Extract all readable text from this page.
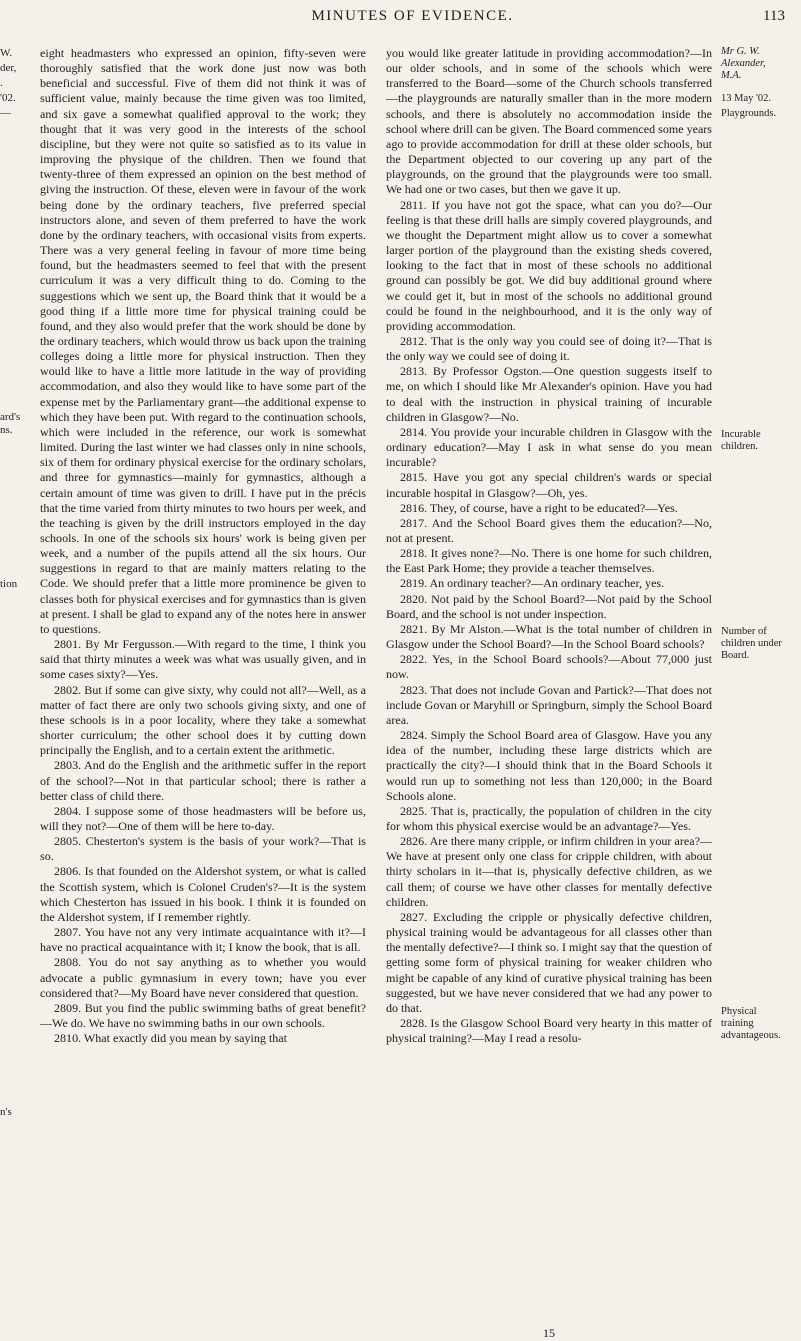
MINUTES OF EVIDENCE.	113
W.
der,
.
'02.
—
ard's
ns.
tion
n's

eight headmasters who expressed an opinion, fifty-seven were thoroughly satisfied that the work done just now was both beneficial and successful. Five of them did not think it was of sufficient value, mainly because the time given was too limited, and six gave a somewhat qualified approval to the work; they thought that it was very good in the interests of the school discipline, but they were not quite so satisfied as to its value in improving the physique of the children. Then we found that twenty-three of them expressed an opinion on the best method of giving the instruction. Of these, eleven were in favour of the work being done by the ordinary teachers, five preferred special instructors alone, and seven of them preferred to have the work done by the ordinary teachers, with occasional visits from experts. There was a very general feeling in favour of more time being found, but the headmasters seemed to feel that with the present curriculum it was a very difficult thing to do. Coming to the suggestions which we sent up, the Board think that it would be a good thing if a little more time for physical training could be found, and they also would prefer that the work should be done by the ordinary teachers, which would throw us back upon the training colleges doing a little more for physical instruction. Then they would like to have a little more latitude in the way of providing accommodation, and also they would like to have some part of the expense met by the Parliamentary grant—the additional expense to which they have been put. With regard to the continuation schools, which were included in the reference, our work is somewhat limited. During the last winter we had classes only in nine schools, six of them for ordinary physical exercise for the ordinary scholars, and three for gymnastics—mainly for gymnastics, although a certain amount of time was given to drill. I have put in the précis that the time varied from thirty minutes to two hours per week, and the teaching is given by the drill instructors employed in the day schools. In one of the schools six hours' work is being given per week, and a number of the pupils attend all the six hours. Our suggestions in regard to that are mainly matters relating to the Code. We should prefer that a little more prominence be given to classes both for physical exercises and for gymnastics than is given at present. I shall be glad to expand any of the notes here in answer to questions.

2801. By Mr Fergusson.—With regard to the time, I think you said that thirty minutes a week was what was usually given, and in some cases sixty?—Yes.

2802. But if some can give sixty, why could not all?—Well, as a matter of fact there are only two schools giving sixty, and one of these schools is in a poor locality, where they take a somewhat shorter curriculum; the other school does it by cutting down principally the English, and to a certain extent the arithmetic.

2803. And do the English and the arithmetic suffer in the report of the school?—Not in that particular school; there is rather a better class of child there.

2804. I suppose some of those headmasters will be before us, will they not?—One of them will be here to-day.

2805. Chesterton's system is the basis of your work?—That is so.

2806. Is that founded on the Aldershot system, or what is called the Scottish system, which is Colonel Cruden's?—It is the system which Chesterton has issued in his book. I think it is founded on the Aldershot system, if I remember rightly.

2807. You have not any very intimate acquaintance with it?—I have no practical acquaintance with it; I know the book, that is all.

2808. You do not say anything as to whether you would advocate a public gymnasium in every town; have you ever considered that?—My Board have never considered that question.

2809. But you find the public swimming baths of great benefit?—We do. We have no swimming baths in our own schools.

2810. What exactly did you mean by saying that

you would like greater latitude in providing accommodation?—In our older schools, and in some of the schools which were transferred to the Board—some of the Church schools transferred—the playgrounds are naturally smaller than in the more modern schools, and there is absolutely no accommodation inside the school where drill can be given. The Board commenced some years ago to provide accommodation for drill at these older schools, but the Department objected to our covering up any part of the playgrounds, on the ground that the playgrounds were too small. We had one or two cases, but then we gave it up.

2811. If you have not got the space, what can you do?—Our feeling is that these drill halls are simply covered playgrounds, and we thought the Department might allow us to cover a somewhat larger portion of the playground than the existing sheds covered, looking to the fact that in most of these schools no additional ground can possibly be got. We did buy additional ground where we could get it, but in most of the schools no additional ground could be found in the neighbourhood, and it is the only way of providing accommodation.

2812. That is the only way you could see of doing it?—That is the only way we could see of doing it.

2813. By Professor Ogston.—One question suggests itself to me, on which I should like Mr Alexander's opinion. Have you had to deal with the instruction in physical training of incurable children in Glasgow?—No.

2814. You provide your incurable children in Glasgow with the ordinary education?—May I ask in what sense do you mean incurable?

2815. Have you got any special children's wards or special incurable hospital in Glasgow?—Oh, yes.

2816. They, of course, have a right to be educated?—Yes.

2817. And the School Board gives them the education?—No, not at present.

2818. It gives none?—No. There is one home for such children, the East Park Home; they provide a teacher themselves.

2819. An ordinary teacher?—An ordinary teacher, yes.

2820. Not paid by the School Board?—Not paid by the School Board, and the school is not under inspection.

2821. By Mr Alston.—What is the total number of children in Glasgow under the School Board?—In the School Board schools?

2822. Yes, in the School Board schools?—About 77,000 just now.

2823. That does not include Govan and Partick?—That does not include Govan or Maryhill or Springburn, simply the School Board area.

2824. Simply the School Board area of Glasgow. Have you any idea of the number, including these large districts which are practically the city?—I should think that in the Board Schools it would run up to something not less than 120,000; in the Board Schools alone.

2825. That is, practically, the population of children in the city for whom this physical exercise would be an advantage?—Yes.

2826. Are there many cripple, or infirm children in your area?—We have at present only one class for cripple children, with about thirty scholars in it—that is, physically defective children, as we call them; of course we have other classes for mentally defective children.

2827. Excluding the cripple or physically defective children, physical training would be advantageous for all classes other than the mentally defective?—I think so. I might say that the question of getting some form of physical training for weaker children who might be capable of any kind of curative physical training has been suggested, but we have never considered that we had any power to do that.

2828. Is the Glasgow School Board very hearty in this matter of physical training?—May I read a resolu-

Mr G. W.
Alexander,
M.A.
13 May '02.
Playgrounds.
Incurable
children.
Number of
children under
Board.
Physical
training
advantageous.
15
